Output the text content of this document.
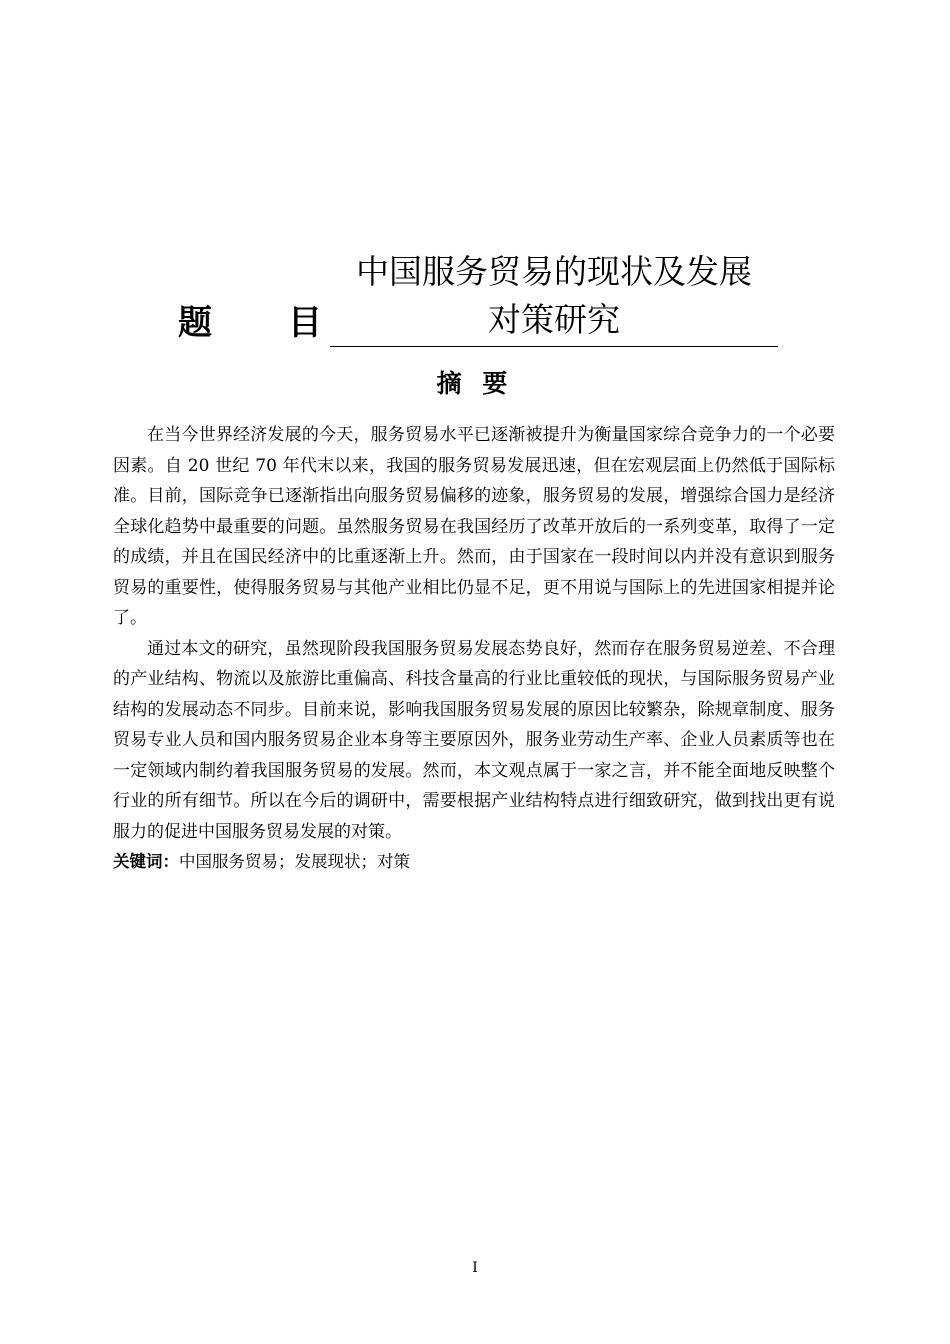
题 目
中国服务贸易的现状及发展
对策研究
摘 要

在当今世界经济发展的今天，服务贸易水平已逐渐被提升为衡量国家综合竞争力的一个必要因素。自 20 世纪 70 年代末以来，我国的服务贸易发展迅速，但在宏观层面上仍然低于国际标准。目前，国际竞争已逐渐指出向服务贸易偏移的迹象，服务贸易的发展，增强综合国力是经济全球化趋势中最重要的问题。虽然服务贸易在我国经历了改革开放后的一系列变革，取得了一定的成绩，并且在国民经济中的比重逐渐上升。然而，由于国家在一段时间以内并没有意识到服务贸易的重要性，使得服务贸易与其他产业相比仍显不足，更不用说与国际上的先进国家相提并论了。

通过本文的研究，虽然现阶段我国服务贸易发展态势良好，然而存在服务贸易逆差、不合理的产业结构、物流以及旅游比重偏高、科技含量高的行业比重较低的现状，与国际服务贸易产业结构的发展动态不同步。目前来说，影响我国服务贸易发展的原因比较繁杂，除规章制度、服务贸易专业人员和国内服务贸易企业本身等主要原因外，服务业劳动生产率、企业人员素质等也在一定领域内制约着我国服务贸易的发展。然而，本文观点属于一家之言，并不能全面地反映整个行业的所有细节。所以在今后的调研中，需要根据产业结构特点进行细致研究，做到找出更有说服力的促进中国服务贸易发展的对策。

关键词：中国服务贸易；发展现状；对策
I
